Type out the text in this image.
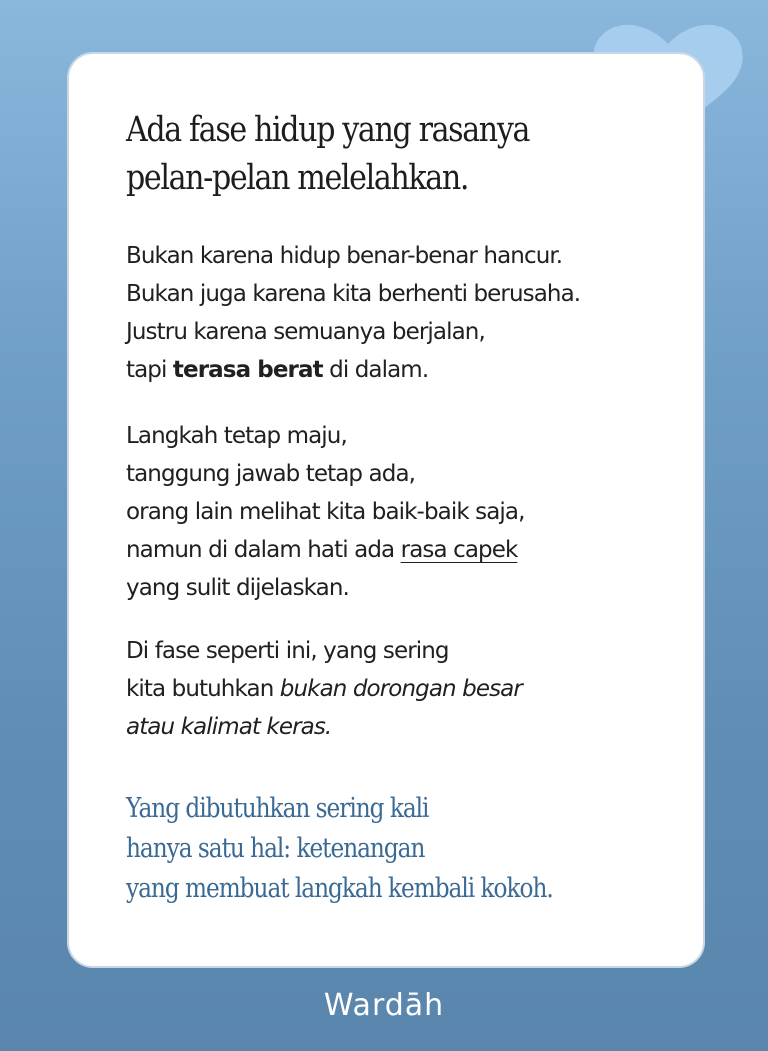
Ada fase hidup yang rasanya
pelan-pelan melelahkan.
Bukan karena hidup benar-benar hancur.
Bukan juga karena kita berhenti berusaha.
Justru karena semuanya berjalan,
tapi terasa berat di dalam.
Langkah tetap maju,
tanggung jawab tetap ada,
orang lain melihat kita baik-baik saja,
namun di dalam hati ada rasa capek
yang sulit dijelaskan.
Di fase seperti ini, yang sering
kita butuhkan bukan dorongan besar
atau kalimat keras.
Yang dibutuhkan sering kali
hanya satu hal: ketenangan
yang membuat langkah kembali kokoh.
Wardāh
